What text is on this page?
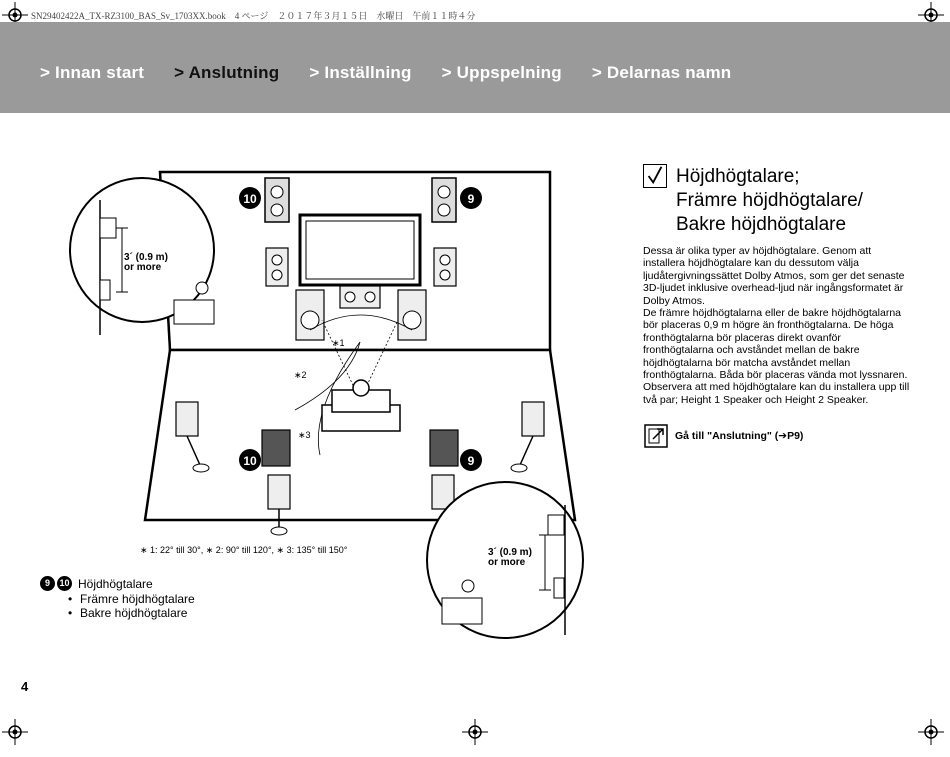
SN29402422A_TX-RZ3100_BAS_Sv_1703XX.book　4 ページ　２０１７年３月１５日　水曜日　午前１１時４分
> Innan start > Anslutning > Inställning > Uppspelning > Delarnas namn
∗1
∗2
∗3
10	9
10	9
3´ (0.9 m)
or more
3´ (0.9 m)
or more
∗ 1: 22° till 30°, ∗ 2: 90° till 120°, ∗ 3: 135° till 150°
9	10 Höjdhögtalare
• Främre höjdhögtalare
• Bakre höjdhögtalare
Höjdhögtalare;
Främre höjdhögtalare/
Bakre höjdhögtalare

Dessa är olika typer av höjdhögtalare. Genom att installera höjdhögtalare kan du dessutom välja ljudåtergivningssättet Dolby Atmos, som ger det senaste 3D-ljudet inklusive overhead-ljud när ingångsformatet är Dolby Atmos.

De främre höjdhögtalarna eller de bakre höjdhögtalarna bör placeras 0,9 m högre än fronthögtalarna. De höga fronthögtalarna bör placeras direkt ovanför fronthögtalarna och avståndet mellan de bakre höjdhögtalarna bör matcha avståndet mellan fronthögtalarna. Båda bör placeras vända mot lyssnaren. Observera att med höjdhögtalare kan du installera upp till två par; Height 1 Speaker och Height 2 Speaker.

Gå till "Anslutning" (➔P9)
4
